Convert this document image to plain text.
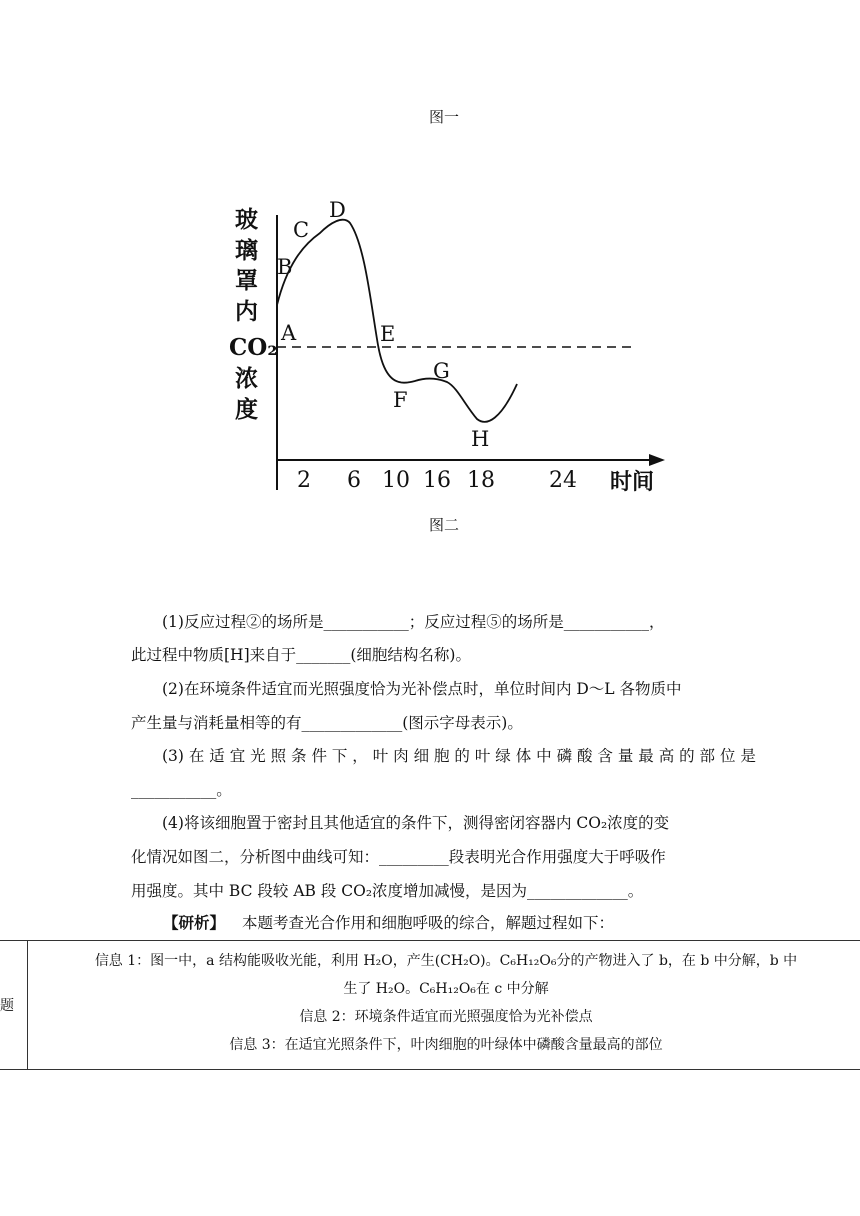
图一
玻
璃
罩
内
CO₂
浓
度
A
B
C
D
E
F
G
H
2 6 10 16 18 24 时间
图二
(1)反应过程②的场所是___________；反应过程⑤的场所是___________，
此过程中物质[H]来自于_______(细胞结构名称)。
(2)在环境条件适宜而光照强度恰为光补偿点时，单位时间内 D～L 各物质中
产生量与消耗量相等的有_____________(图示字母表示)。
(3) 在 适 宜 光 照 条 件 下 ， 叶 肉 细 胞 的 叶 绿 体 中 磷 酸 含 量 最 高 的 部 位 是
___________。
(4)将该细胞置于密封且其他适宜的条件下，测得密闭容器内 CO₂浓度的变
化情况如图二，分析图中曲线可知：_________段表明光合作用强度大于呼吸作
用强度。其中 BC 段较 AB 段 CO₂浓度增加减慢，是因为_____________。
【研析】 本题考查光合作用和细胞呼吸的综合，解题过程如下：
题	
信息 1：图一中，a 结构能吸收光能，利用 H₂O，产生(CH₂O)。C₆H₁₂O₆分的产物进入了 b，在 b 中分解，b 中
生了 H₂O。C₆H₁₂O₆在 c 中分解
信息 2：环境条件适宜而光照强度恰为光补偿点
信息 3：在适宜光照条件下，叶肉细胞的叶绿体中磷酸含量最高的部位
